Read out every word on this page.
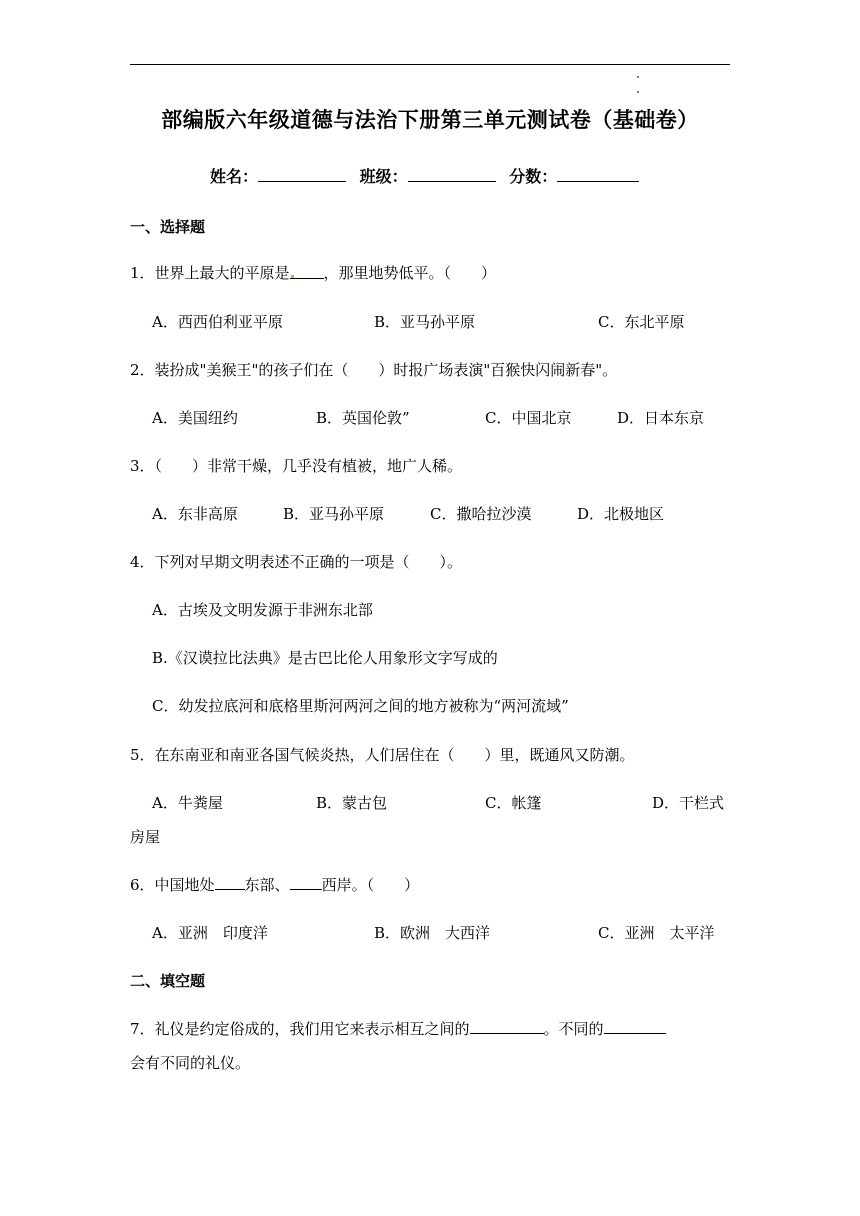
部编版六年级道德与法治下册第三单元测试卷（基础卷）
姓名：	班级：	分数：
一、选择题
1．世界上最大的平原是 ，那里地势低平。（　　）
A．西西伯利亚平原	B．亚马孙平原	C．东北平原
2．装扮成"美猴王"的孩子们在（　　）时报广场表演"百猴快闪闹新春"。
A．美国纽约	B．英国伦敦”	C．中国北京	D．日本东京
3．（　　）非常干燥，几乎没有植被，地广人稀。
A．东非高原	B．亚马孙平原	C．撒哈拉沙漠	D．北极地区
4．下列对早期文明表述不正确的一项是（　　）。
A．古埃及文明发源于非洲东北部
B.《汉谟拉比法典》是古巴比伦人用象形文字写成的
C．幼发拉底河和底格里斯河两河之间的地方被称为“两河流域”
5．在东南亚和南亚各国气候炎热，人们居住在（　　）里，既通风又防潮。
A．牛粪屋	B．蒙古包	C．帐篷	D．干栏式
房屋
6．中国地处 东部、 西岸。（　　）
A．亚洲　印度洋	B．欧洲　大西洋	C．亚洲　太平洋
二、填空题
7．礼仪是约定俗成的，我们用它来表示相互之间的	。不同的
会有不同的礼仪。
